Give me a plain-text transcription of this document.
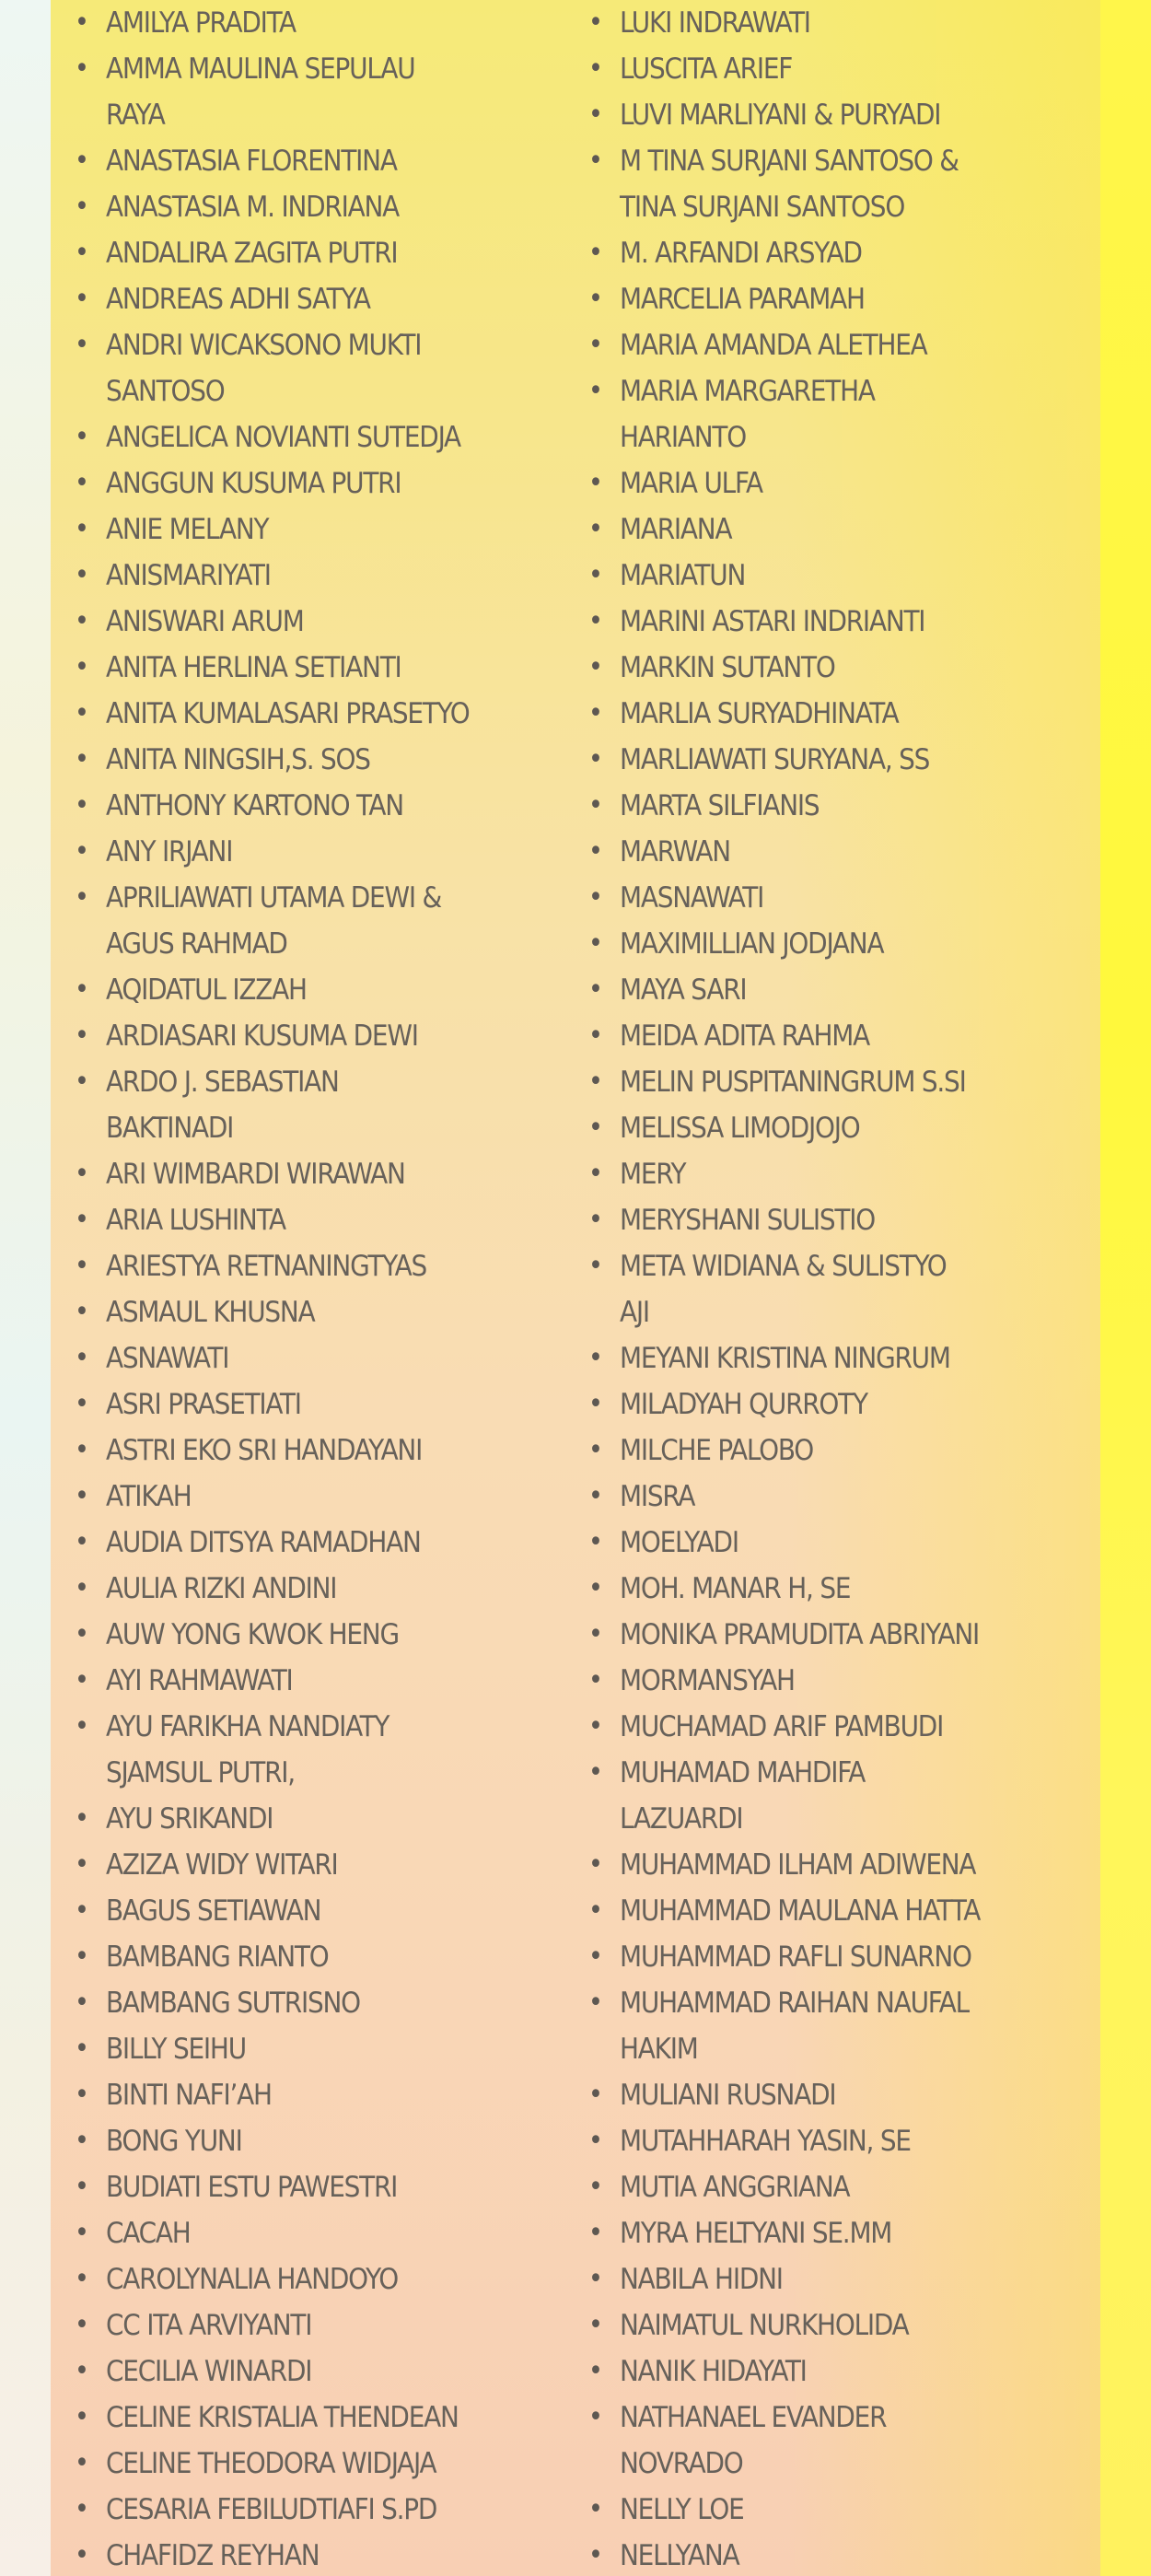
• AMILYA PRADITA
• AMMA MAULINA SEPULAU
RAYA
• ANASTASIA FLORENTINA
• ANASTASIA M. INDRIANA
• ANDALIRA ZAGITA PUTRI
• ANDREAS ADHI SATYA
• ANDRI WICAKSONO MUKTI
SANTOSO
• ANGELICA NOVIANTI SUTEDJA
• ANGGUN KUSUMA PUTRI
• ANIE MELANY
• ANISMARIYATI
• ANISWARI ARUM
• ANITA HERLINA SETIANTI
• ANITA KUMALASARI PRASETYO
• ANITA NINGSIH,S. SOS
• ANTHONY KARTONO TAN
• ANY IRJANI
• APRILIAWATI UTAMA DEWI &
AGUS RAHMAD
• AQIDATUL IZZAH
• ARDIASARI KUSUMA DEWI
• ARDO J. SEBASTIAN
BAKTINADI
• ARI WIMBARDI WIRAWAN
• ARIA LUSHINTA
• ARIESTYA RETNANINGTYAS
• ASMAUL KHUSNA
• ASNAWATI
• ASRI PRASETIATI
• ASTRI EKO SRI HANDAYANI
• ATIKAH
• AUDIA DITSYA RAMADHAN
• AULIA RIZKI ANDINI
• AUW YONG KWOK HENG
• AYI RAHMAWATI
• AYU FARIKHA NANDIATY
SJAMSUL PUTRI,
• AYU SRIKANDI
• AZIZA WIDY WITARI
• BAGUS SETIAWAN
• BAMBANG RIANTO
• BAMBANG SUTRISNO
• BILLY SEIHU
• BINTI NAFI’AH
• BONG YUNI
• BUDIATI ESTU PAWESTRI
• CACAH
• CAROLYNALIA HANDOYO
• CC ITA ARVIYANTI
• CECILIA WINARDI
• CELINE KRISTALIA THENDEAN
• CELINE THEODORA WIDJAJA
• CESARIA FEBILUDTIAFI S.PD
• CHAFIDZ REYHAN
• LUKI INDRAWATI
• LUSCITA ARIEF
• LUVI MARLIYANI & PURYADI
• M TINA SURJANI SANTOSO &
TINA SURJANI SANTOSO
• M. ARFANDI ARSYAD
• MARCELIA PARAMAH
• MARIA AMANDA ALETHEA
• MARIA MARGARETHA
HARIANTO
• MARIA ULFA
• MARIANA
• MARIATUN
• MARINI ASTARI INDRIANTI
• MARKIN SUTANTO
• MARLIA SURYADHINATA
• MARLIAWATI SURYANA, SS
• MARTA SILFIANIS
• MARWAN
• MASNAWATI
• MAXIMILLIAN JODJANA
• MAYA SARI
• MEIDA ADITA RAHMA
• MELIN PUSPITANINGRUM S.SI
• MELISSA LIMODJOJO
• MERY
• MERYSHANI SULISTIO
• META WIDIANA & SULISTYO
AJI
• MEYANI KRISTINA NINGRUM
• MILADYAH QURROTY
• MILCHE PALOBO
• MISRA
• MOELYADI
• MOH. MANAR H, SE
• MONIKA PRAMUDITA ABRIYANI
• MORMANSYAH
• MUCHAMAD ARIF PAMBUDI
• MUHAMAD MAHDIFA
LAZUARDI
• MUHAMMAD ILHAM ADIWENA
• MUHAMMAD MAULANA HATTA
• MUHAMMAD RAFLI SUNARNO
• MUHAMMAD RAIHAN NAUFAL
HAKIM
• MULIANI RUSNADI
• MUTAHHARAH YASIN, SE
• MUTIA ANGGRIANA
• MYRA HELTYANI SE.MM
• NABILA HIDNI
• NAIMATUL NURKHOLIDA
• NANIK HIDAYATI
• NATHANAEL EVANDER
NOVRADO
• NELLY LOE
• NELLYANA
